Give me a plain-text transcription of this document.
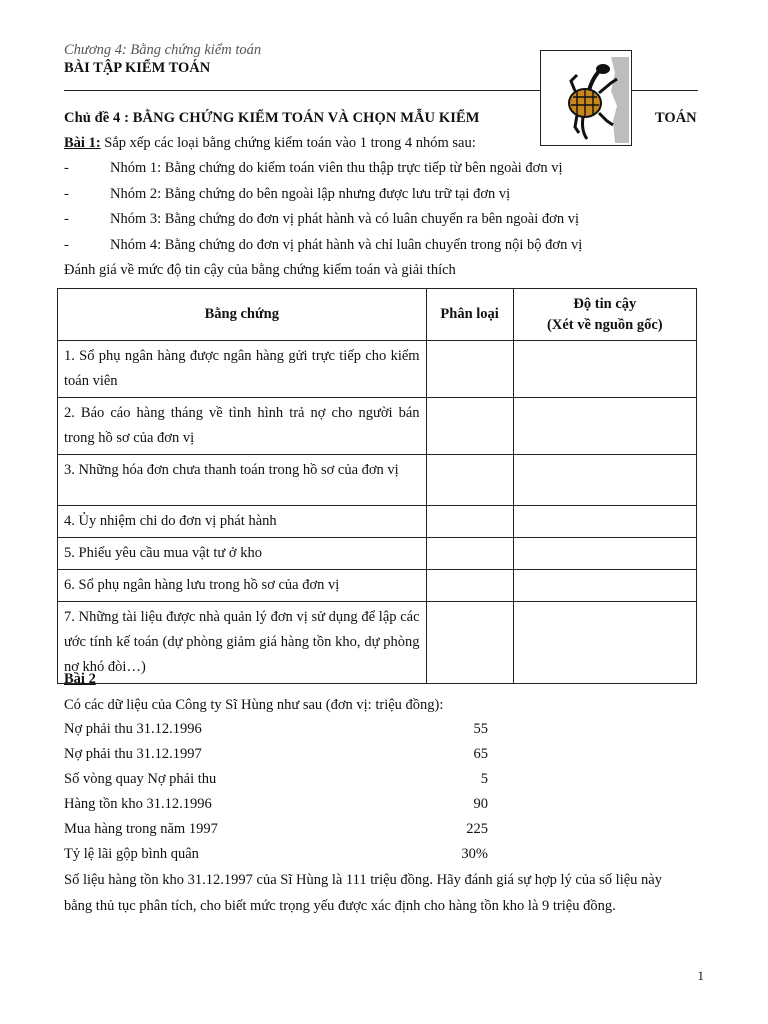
Chương 4: Bằng chứng kiểm toán
BÀI TẬP KIỂM TOÁN
Chủ đề 4 : BẰNG CHỨNG KIỂM TOÁN VÀ CHỌN MẪU KIỂM	TOÁN
Bài 1: Sắp xếp các loại bằng chứng kiểm toán vào 1 trong 4 nhóm sau:
-	Nhóm 1: Bằng chứng do kiểm toán viên thu thập trực tiếp từ bên ngoài đơn vị
-	Nhóm 2: Bằng chứng do bên ngoài lập nhưng được lưu trữ tại đơn vị
-	Nhóm 3: Bằng chứng do đơn vị phát hành và có luân chuyển ra bên ngoài đơn vị
-	Nhóm 4: Bằng chứng do đơn vị phát hành và chỉ luân chuyển trong nội bộ đơn vị
Đánh giá về mức độ tin cậy của bằng chứng kiểm toán và giải thích
Bằng chứng	Phân loại	Độ tin cậy
(Xét về nguồn gốc)

1. Sổ phụ ngân hàng được ngân hàng gửi trực tiếp cho kiểm toán viên		
2. Báo cáo hàng tháng về tình hình trả nợ cho người bán trong hồ sơ của đơn vị		
3. Những hóa đơn chưa thanh toán trong hồ sơ của đơn vị		
4. Ủy nhiệm chi do đơn vị phát hành		
5. Phiếu yêu cầu mua vật tư ở kho		
6. Sổ phụ ngân hàng lưu trong hồ sơ của đơn vị		
7. Những tài liệu được nhà quản lý đơn vị sử dụng để lập các ước tính kế toán (dự phòng giảm giá hàng tồn kho, dự phòng nợ khó đòi…)		
Bài 2
Có các dữ liệu của Công ty Sĩ Hùng như sau (đơn vị: triệu đồng):
Nợ phải thu 31.12.1996	55
Nợ phải thu 31.12.1997	65
Số vòng quay Nợ phải thu	5
Hàng tồn kho 31.12.1996	90
Mua hàng trong năm 1997	225
Tỷ lệ lãi gộp bình quân	30%
Số liệu hàng tồn kho 31.12.1997 của Sĩ Hùng là 111 triệu đồng. Hãy đánh giá sự hợp lý của số liệu này
bằng thủ tục phân tích, cho biết mức trọng yếu được xác định cho hàng tồn kho là 9 triệu đồng.
1
